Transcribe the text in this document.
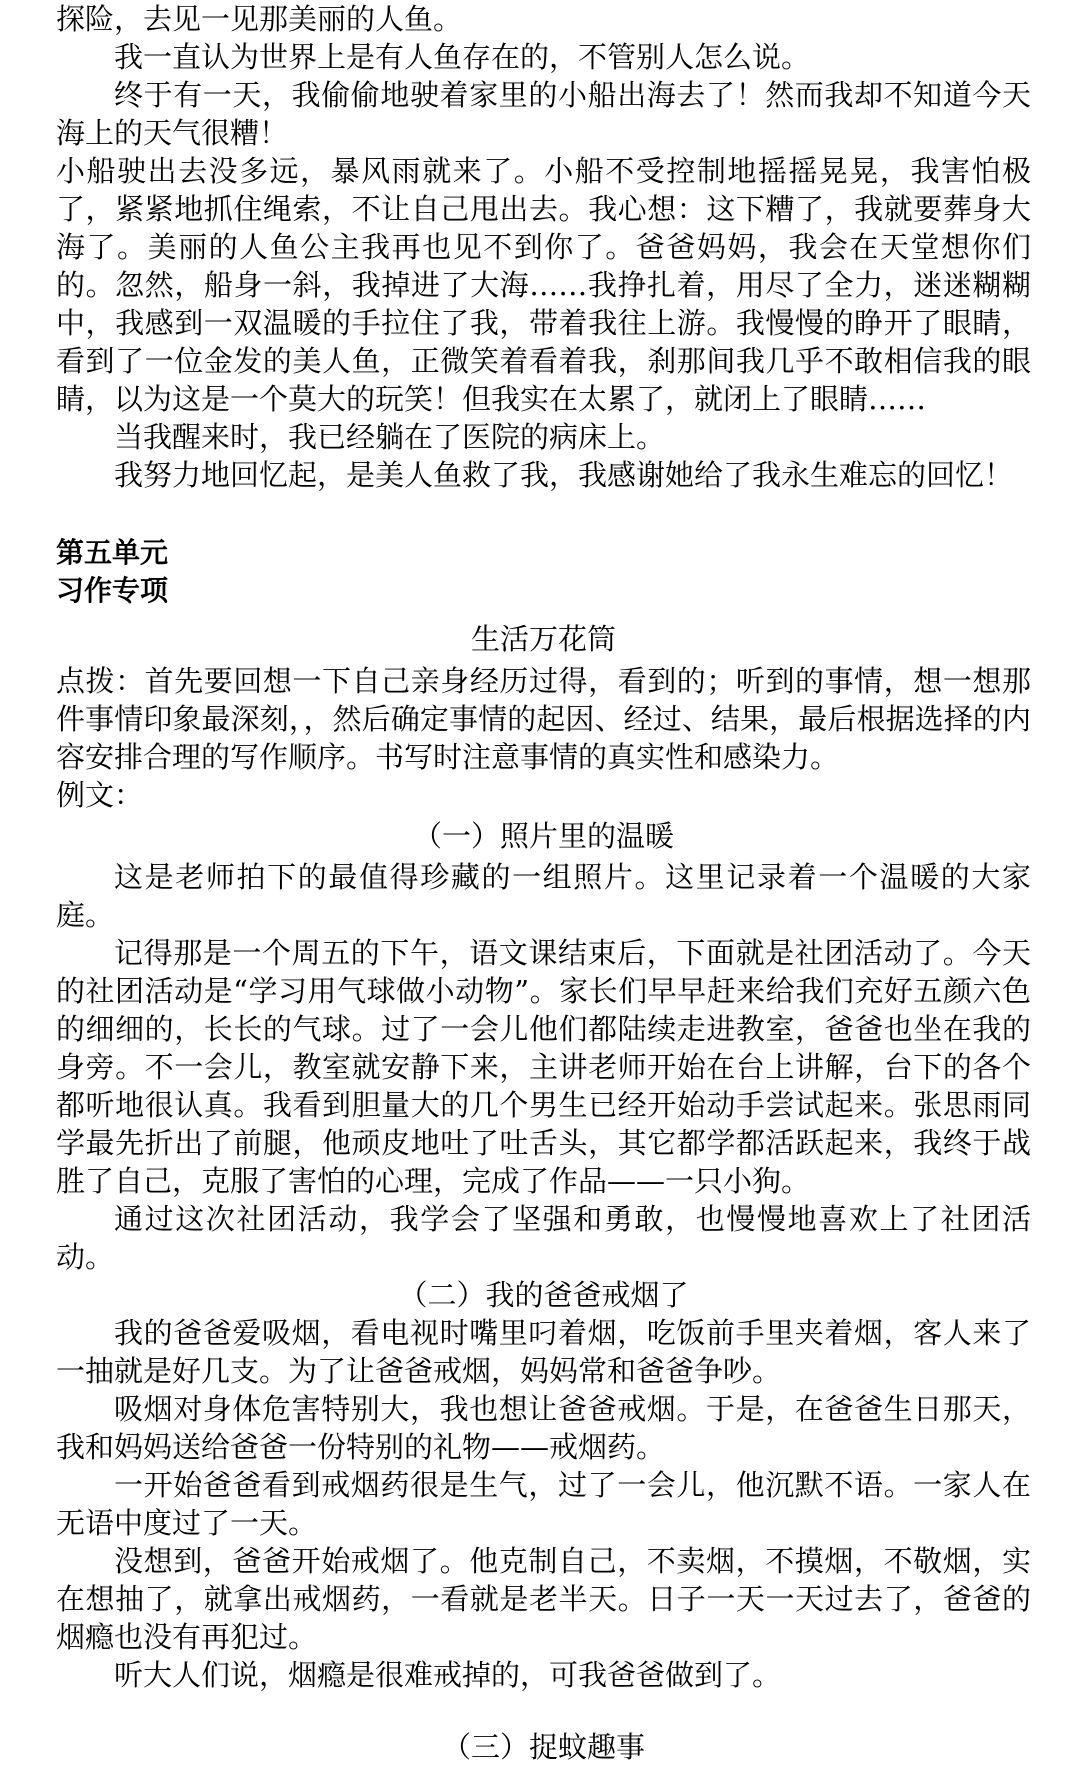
探险，去见一见那美丽的人鱼。

我一直认为世界上是有人鱼存在的，不管别人怎么说。

终于有一天，我偷偷地驶着家里的小船出海去了！然而我却不知道今天海上的天气很糟！

小船驶出去没多远，暴风雨就来了。小船不受控制地摇摇晃晃，我害怕极了，紧紧地抓住绳索，不让自己甩出去。我心想：这下糟了，我就要葬身大海了。美丽的人鱼公主我再也见不到你了。爸爸妈妈，我会在天堂想你们的。忽然，船身一斜，我掉进了大海……我挣扎着，用尽了全力，迷迷糊糊中，我感到一双温暖的手拉住了我，带着我往上游。我慢慢的睁开了眼睛，看到了一位金发的美人鱼，正微笑着看着我，刹那间我几乎不敢相信我的眼睛，以为这是一个莫大的玩笑！但我实在太累了，就闭上了眼睛……

当我醒来时，我已经躺在了医院的病床上。

我努力地回忆起，是美人鱼救了我，我感谢她给了我永生难忘的回忆！

第五单元
习作专项

生活万花筒

点拨：首先要回想一下自己亲身经历过得，看到的；听到的事情，想一想那件事情印象最深刻，，然后确定事情的起因、经过、结果，最后根据选择的内容安排合理的写作顺序。书写时注意事情的真实性和感染力。

例文：

（一）照片里的温暖

这是老师拍下的最值得珍藏的一组照片。这里记录着一个温暖的大家庭。

记得那是一个周五的下午，语文课结束后，下面就是社团活动了。今天的社团活动是“学习用气球做小动物”。家长们早早赶来给我们充好五颜六色的细细的，长长的气球。过了一会儿他们都陆续走进教室，爸爸也坐在我的身旁。不一会儿，教室就安静下来，主讲老师开始在台上讲解，台下的各个都听地很认真。我看到胆量大的几个男生已经开始动手尝试起来。张思雨同学最先折出了前腿，他顽皮地吐了吐舌头，其它都学都活跃起来，我终于战胜了自己，克服了害怕的心理，完成了作品——一只小狗。

通过这次社团活动，我学会了坚强和勇敢，也慢慢地喜欢上了社团活动。

（二）我的爸爸戒烟了

我的爸爸爱吸烟，看电视时嘴里叼着烟，吃饭前手里夹着烟，客人来了一抽就是好几支。为了让爸爸戒烟，妈妈常和爸爸争吵。

吸烟对身体危害特别大，我也想让爸爸戒烟。于是，在爸爸生日那天，我和妈妈送给爸爸一份特别的礼物——戒烟药。

一开始爸爸看到戒烟药很是生气，过了一会儿，他沉默不语。一家人在无语中度过了一天。

没想到，爸爸开始戒烟了。他克制自己，不卖烟，不摸烟，不敬烟，实在想抽了，就拿出戒烟药，一看就是老半天。日子一天一天过去了，爸爸的烟瘾也没有再犯过。

听大人们说，烟瘾是很难戒掉的，可我爸爸做到了。

（三）捉蚊趣事
